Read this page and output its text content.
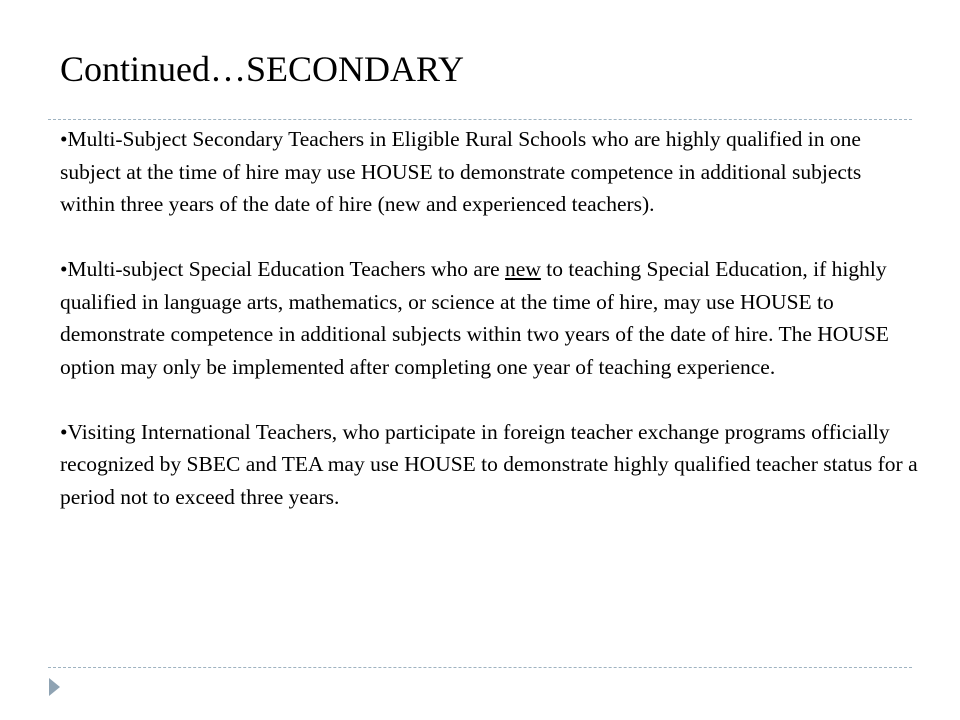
Continued…SECONDARY

•Multi-Subject Secondary Teachers in Eligible Rural Schools who are highly qualified in one subject at the time of hire may use HOUSE to demonstrate competence in additional subjects within three years of the date of hire (new and experienced teachers).

•Multi-subject Special Education Teachers who are new to teaching Special Education, if highly qualified in language arts, mathematics, or science at the time of hire, may use HOUSE to demonstrate competence in additional subjects within two years of the date of hire. The HOUSE option may only be implemented after completing one year of teaching experience.

•Visiting International Teachers, who participate in foreign teacher exchange programs officially recognized by SBEC and TEA may use HOUSE to demonstrate highly qualified teacher status for a period not to exceed three years.
